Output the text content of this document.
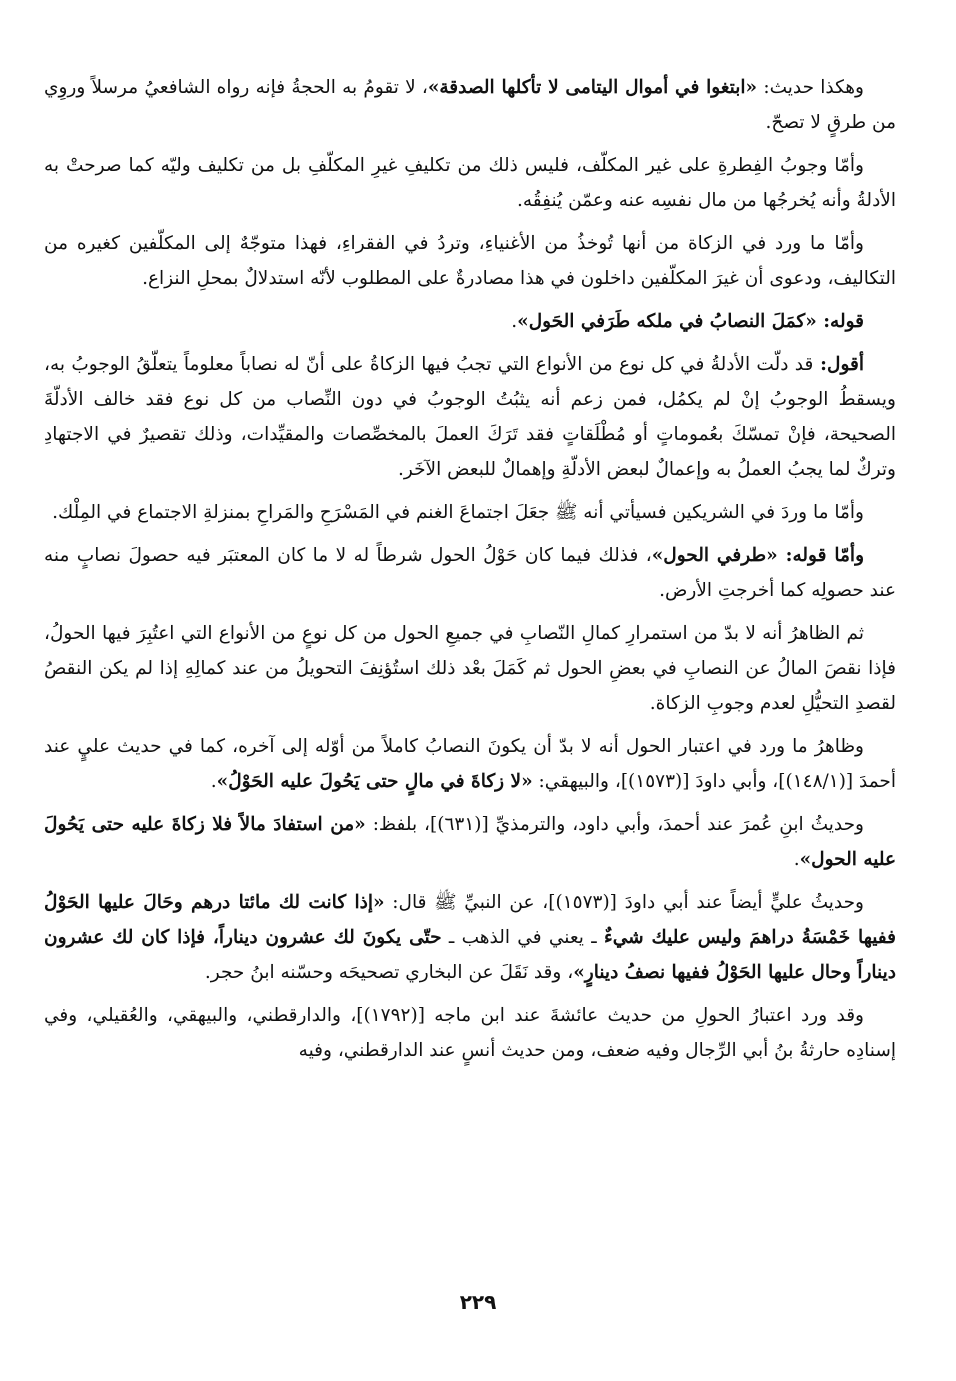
وهكذا حديث: «ابتغوا في أموال اليتامى لا تأكلها الصدقة»، لا تقومُ به الحجةُ فإنه رواه الشافعيُ مرسلاً وروِي من طرقٍ لا تصحّ.

وأمّا وجوبُ الفِطرةِ على غير المكلّف، فليس ذلك من تكليفِ غيرِ المكلّفِ بل من تكليف وليّه كما صرحتْ به الأدلةُ وأنه يُخرجُها من مال نفسِه عنه وعمّن يُنفِقُه.

وأمّا ما ورد في الزكاة من أنها تُوخذُ من الأغنياءِ، وتردُ في الفقراءِ، فهذا متوجّهٌ إلى المكلّفين كغيره من التكاليف، ودعوى أن غيرَ المكلّفين داخلون في هذا مصادرةٌ على المطلوب لأنّه استدلالٌ بمحلِ النزاع.

قوله: «كمَلَ النصابُ في ملكه طَرَفي الحَول».

أقول: قد دلّت الأدلةُ في كل نوع من الأنواع التي تجبُ فيها الزكاةُ على أنّ له نصاباً معلوماً يتعلّقُ الوجوبُ به، ويسقطُ الوجوبُ إنْ لم يكمُل، فمن زعم أنه يثبُتُ الوجوبُ في دون النِّصاب من كل نوع فقد خالف الأدلّةَ الصحيحة، فإنْ تمسّكَ بعُموماتٍ أو مُطْلَقاتٍ فقد تَرَكَ العملَ بالمخصِّصات والمقيِّدات، وذلك تقصيرٌ في الاجتهادِ وتركٌ لما يجبُ العملُ به وإعمالٌ لبعض الأدلّةِ وإهمالٌ للبعض الآخَر.

وأمّا ما وردَ في الشريكين فسيأتي أنه ﷺ جعَلَ اجتماعَ الغنم في المَسْرَحِ والمَراحِ بمنزلةِ الاجتماع في المِلْك.

وأمّا قوله: «طرفي الحول»، فذلك فيما كان حَوْلُ الحول شرطاً له لا ما كان المعتبَر فيه حصولَ نصابٍ منه عند حصولِه كما أخرجتِ الأرض.

ثم الظاهرُ أنه لا بدّ من استمرارِ كمالِ النّصابِ في جميعِ الحول من كل نوعٍ من الأنواع التي اعتُبِرَ فيها الحولُ، فإذا نقصَ المالُ عن النصابِ في بعضِ الحول ثم كَمَلَ بعْد ذلك استُؤنِفَ التحويلُ من عند كمالِهِ إذا لم يكن النقصُ لقصدِ التحيُّلِ لعدم وجوبِ الزكاة.

وظاهرُ ما ورد في اعتبار الحول أنه لا بدّ أن يكونَ النصابُ كاملاً من أوّله إلى آخره، كما في حديث عليٍ عند أحمدَ [(١٤٨/١)]، وأبي داودَ [(١٥٧٣)]، والبيهقي: «لا زكاةَ في مالٍ حتى يَحُولَ عليه الحَوْلُ».

وحديثُ ابنِ عُمرَ عند أحمدَ، وأبي داود، والترمذيِّ [(٦٣١)]، بلفظ: «من استفادَ مالاً فلا زكاةَ عليه حتى يَحُولَ عليه الحول».

وحديثُ عليٍّ أيضاً عند أبي داودَ [(١٥٧٣)]، عن النبيِّ ﷺ قال: «إذا كانت لك مائتا درهم وحَالَ عليها الحَوْلُ ففيها خَمْسَةُ دراهمَ وليس عليك شيءٌ ـ يعني في الذهب ـ حتّى يكونَ لك عشرون ديناراً، فإذا كان لك عشرون ديناراً وحال عليها الحَوْلُ ففيها نصفُ دينارٍ»، وقد نَقَلَ عن البخاري تصحيحَه وحسّنه ابنُ حجر.

وقد ورد اعتبارُ الحولِ من حديث عائشةَ عند ابن ماجه [(١٧٩٢)]، والدارقطني، والبيهقي، والعُقيلي، وفي إسنادِه حارثةُ بنُ أبي الرِّجال وفيه ضعف، ومن حديث أنسٍ عند الدارقطني، وفيه

٢٢٩
